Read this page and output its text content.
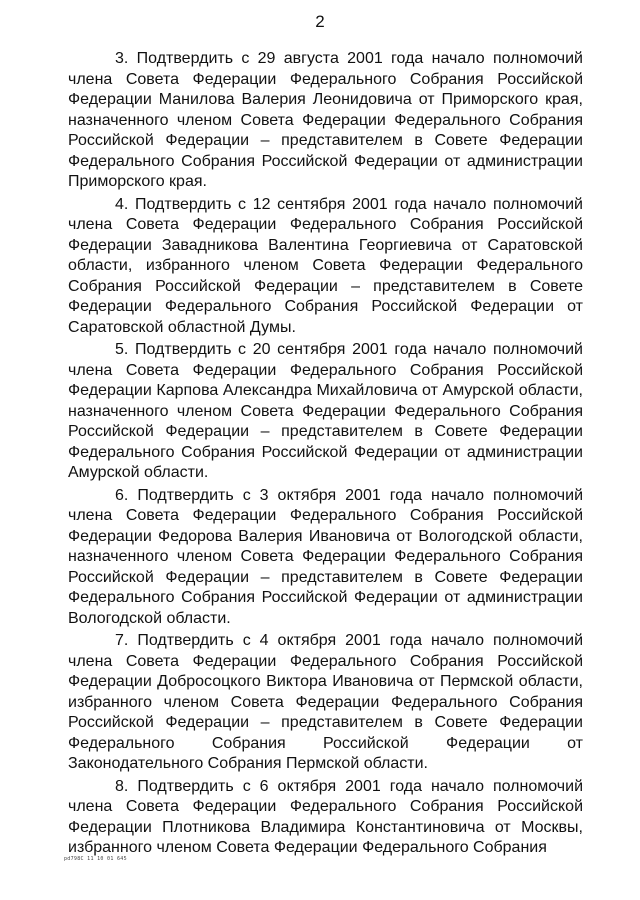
2

3. Подтвердить с 29 августа 2001 года начало полномочий члена Совета Федерации Федерального Собрания Российской Федерации Манилова Валерия Леонидовича от Приморского края, назначенного членом Совета Федерации Федерального Собрания Российской Федерации – представителем в Совете Федерации Федерального Собрания Российской Федерации от администрации Приморского края.

4. Подтвердить с 12 сентября 2001 года начало полномочий члена Совета Федерации Федерального Собрания Российской Федерации Завадникова Валентина Георгиевича от Саратовской области, избранного членом Совета Федерации Федерального Собрания Российской Федерации – представителем в Совете Федерации Федерального Собрания Российской Федерации от Саратовской областной Думы.

5. Подтвердить с 20 сентября 2001 года начало полномочий члена Совета Федерации Федерального Собрания Российской Федерации Карпова Александра Михайловича от Амурской области, назначенного членом Совета Федерации Федерального Собрания Российской Федерации – представителем в Совете Федерации Федерального Собрания Российской Федерации от администрации Амурской области.

6. Подтвердить с 3 октября 2001 года начало полномочий члена Совета Федерации Федерального Собрания Российской Федерации Федорова Валерия Ивановича от Вологодской области, назначенного членом Совета Федерации Федерального Собрания Российской Федерации – представителем в Совете Федерации Федерального Собрания Российской Федерации от администрации Вологодской области.

7. Подтвердить с 4 октября 2001 года начало полномочий члена Совета Федерации Федерального Собрания Российской Федерации Добросоцкого Виктора Ивановича от Пермской области, избранного членом Совета Федерации Федерального Собрания Российской Федерации – представителем в Совете Федерации Федерального Собрания Российской Федерации от Законодательного Собрания Пермской области.

8. Подтвердить с 6 октября 2001 года начало полномочий члена Совета Федерации Федерального Собрания Российской Федерации Плотникова Владимира Константиновича от Москвы, избранного членом Совета Федерации Федерального Собрания

pd798C 11 10 01 645
